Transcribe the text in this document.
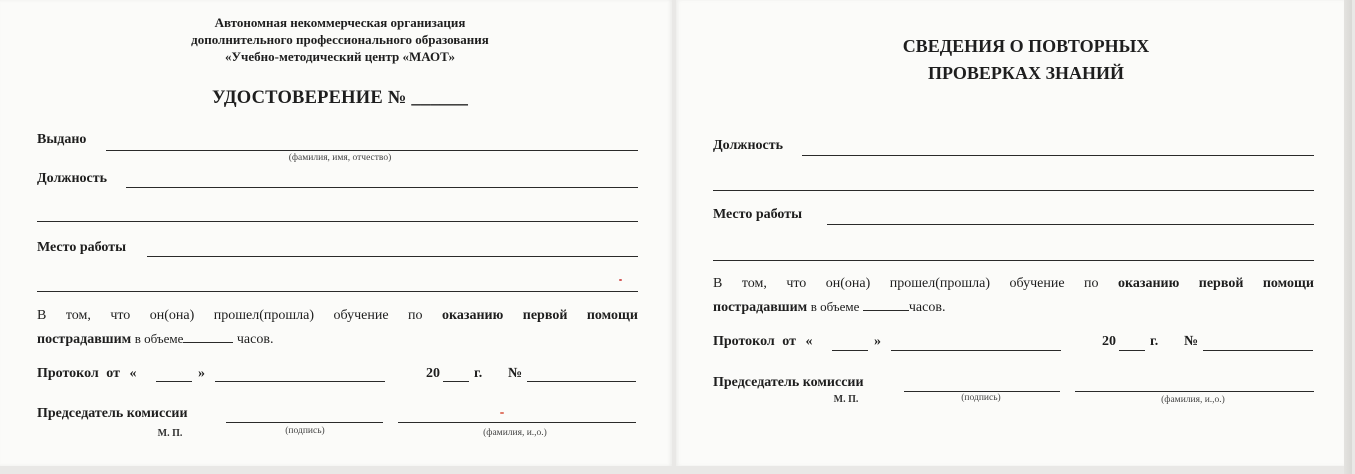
Автономная некоммерческая организация
дополнительного профессионального образования
«Учебно-методический центр «МАОТ»
УДОСТОВЕРЕНИЕ № ______
Выдано
(фамилия, имя, отчество)
Должность
Место работы
В том, что он(она) прошел(прошла) обучение по оказанию первой помощи
пострадавшим в объеме	часов.
Протокол от «	»	20 г. №
Председатель комиссии
М. П.	(подпись)	(фамилия, и.,о.)
СВЕДЕНИЯ О ПОВТОРНЫХ
ПРОВЕРКАХ ЗНАНИЙ
Должность
Место работы
В том, что он(она) прошел(прошла) обучение по оказанию первой помощи
пострадавшим в объеме	часов.
Протокол от «	»	20 г. №
Председатель комиссии
М. П.	(подпись)	(фамилия, и.,о.)
